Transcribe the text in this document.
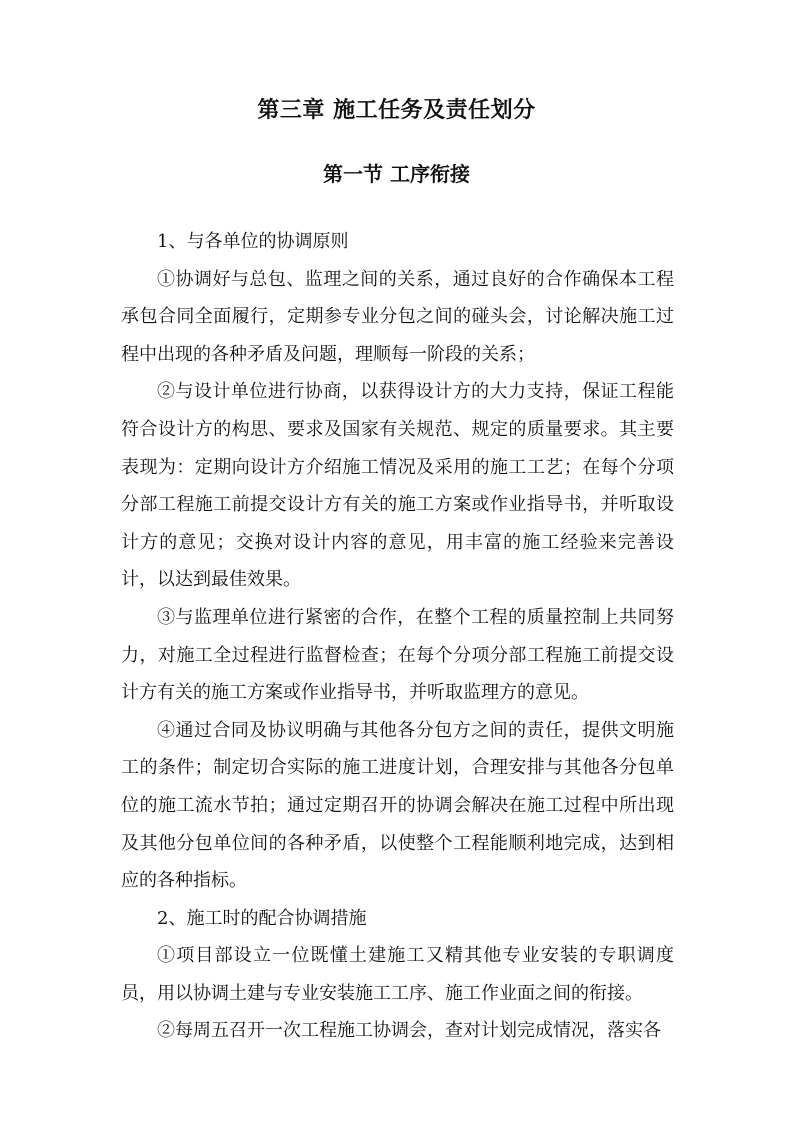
第三章 施工任务及责任划分
第一节 工序衔接

1、与各单位的协调原则

①协调好与总包、监理之间的关系，通过良好的合作确保本工程承包合同全面履行，定期参专业分包之间的碰头会，讨论解决施工过程中出现的各种矛盾及问题，理顺每一阶段的关系；

②与设计单位进行协商，以获得设计方的大力支持，保证工程能符合设计方的构思、要求及国家有关规范、规定的质量要求。其主要表现为：定期向设计方介绍施工情况及采用的施工工艺；在每个分项分部工程施工前提交设计方有关的施工方案或作业指导书，并听取设计方的意见；交换对设计内容的意见，用丰富的施工经验来完善设计，以达到最佳效果。

③与监理单位进行紧密的合作，在整个工程的质量控制上共同努力，对施工全过程进行监督检查；在每个分项分部工程施工前提交设计方有关的施工方案或作业指导书，并听取监理方的意见。

④通过合同及协议明确与其他各分包方之间的责任，提供文明施工的条件；制定切合实际的施工进度计划，合理安排与其他各分包单位的施工流水节拍；通过定期召开的协调会解决在施工过程中所出现及其他分包单位间的各种矛盾，以使整个工程能顺利地完成，达到相应的各种指标。

2、施工时的配合协调措施

①项目部设立一位既懂土建施工又精其他专业安装的专职调度员，用以协调土建与专业安装施工工序、施工作业面之间的衔接。

②每周五召开一次工程施工协调会，查对计划完成情况，落实各
